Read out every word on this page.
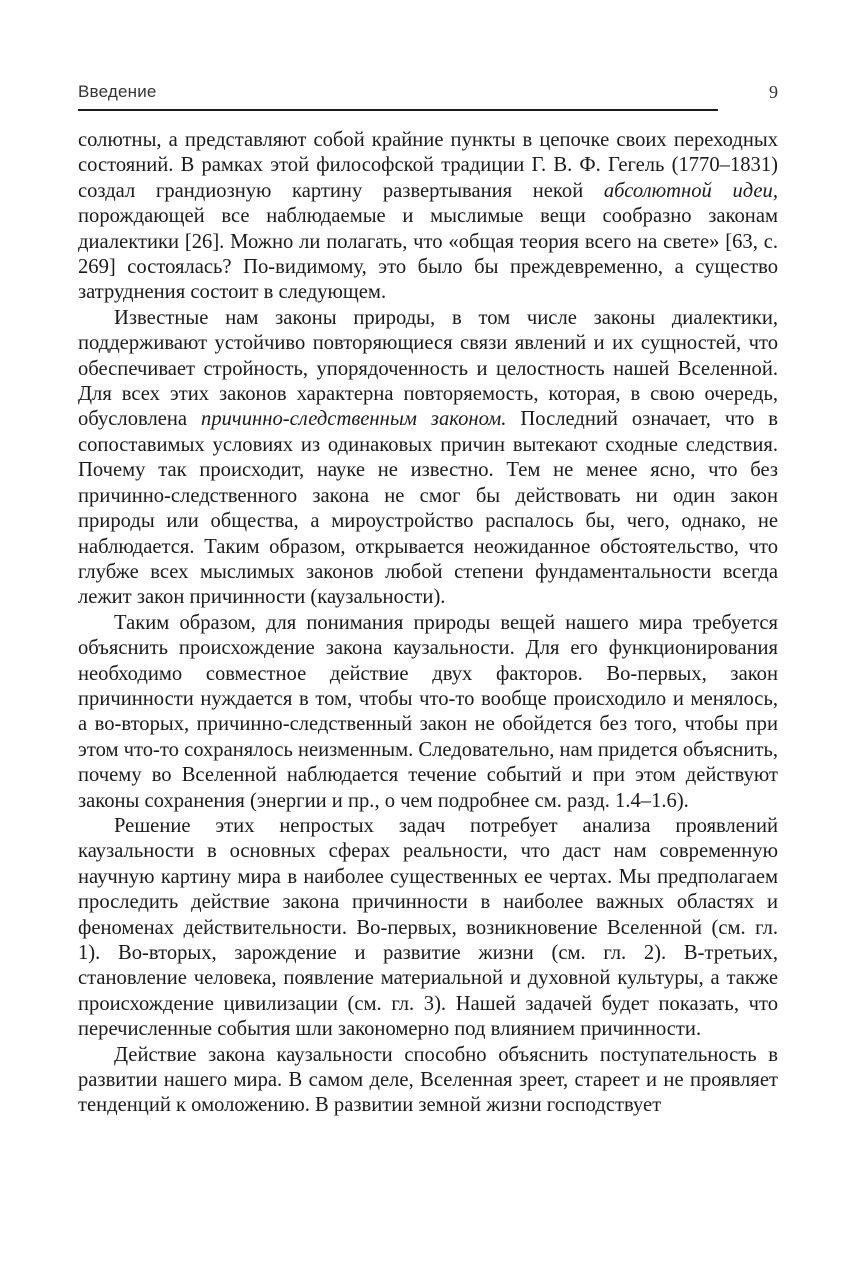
Введение	9

солютны, а представляют собой крайние пункты в цепочке своих переходных состояний. В рамках этой философской традиции Г. В. Ф. Гегель (1770–1831) создал грандиозную картину развертывания некой абсолютной идеи, порождающей все наблюдаемые и мыслимые вещи сообразно законам диалектики [26]. Можно ли полагать, что «общая теория всего на свете» [63, с. 269] состоялась? По-видимому, это было бы преждевременно, а существо затруднения состоит в следующем.

Известные нам законы природы, в том числе законы диалектики, поддерживают устойчиво повторяющиеся связи явлений и их сущностей, что обеспечивает стройность, упорядоченность и целостность нашей Вселенной. Для всех этих законов характерна повторяемость, которая, в свою очередь, обусловлена причинно-следственным законом. Последний означает, что в сопоставимых условиях из одинаковых причин вытекают сходные следствия. Почему так происходит, науке не известно. Тем не менее ясно, что без причинно-следственного закона не смог бы действовать ни один закон природы или общества, а мироустройство распалось бы, чего, однако, не наблюдается. Таким образом, открывается неожиданное обстоятельство, что глубже всех мыслимых законов любой степени фундаментальности всегда лежит закон причинности (каузальности).

Таким образом, для понимания природы вещей нашего мира требуется объяснить происхождение закона каузальности. Для его функционирования необходимо совместное действие двух факторов. Во-первых, закон причинности нуждается в том, чтобы что-то вообще происходило и менялось, а во-вторых, причинно-следственный закон не обойдется без того, чтобы при этом что-то сохранялось неизменным. Следовательно, нам придется объяснить, почему во Вселенной наблюдается течение событий и при этом действуют законы сохранения (энергии и пр., о чем подробнее см. разд. 1.4–1.6).

Решение этих непростых задач потребует анализа проявлений каузальности в основных сферах реальности, что даст нам современную научную картину мира в наиболее существенных ее чертах. Мы предполагаем проследить действие закона причинности в наиболее важных областях и феноменах действительности. Во-первых, возникновение Вселенной (см. гл. 1). Во-вторых, зарождение и развитие жизни (см. гл. 2). В-третьих, становление человека, появление материальной и духовной культуры, а также происхождение цивилизации (см. гл. 3). Нашей задачей будет показать, что перечисленные события шли закономерно под влиянием причинности.

Действие закона каузальности способно объяснить поступательность в развитии нашего мира. В самом деле, Вселенная зреет, стареет и не проявляет тенденций к омоложению. В развитии земной жизни господствует
